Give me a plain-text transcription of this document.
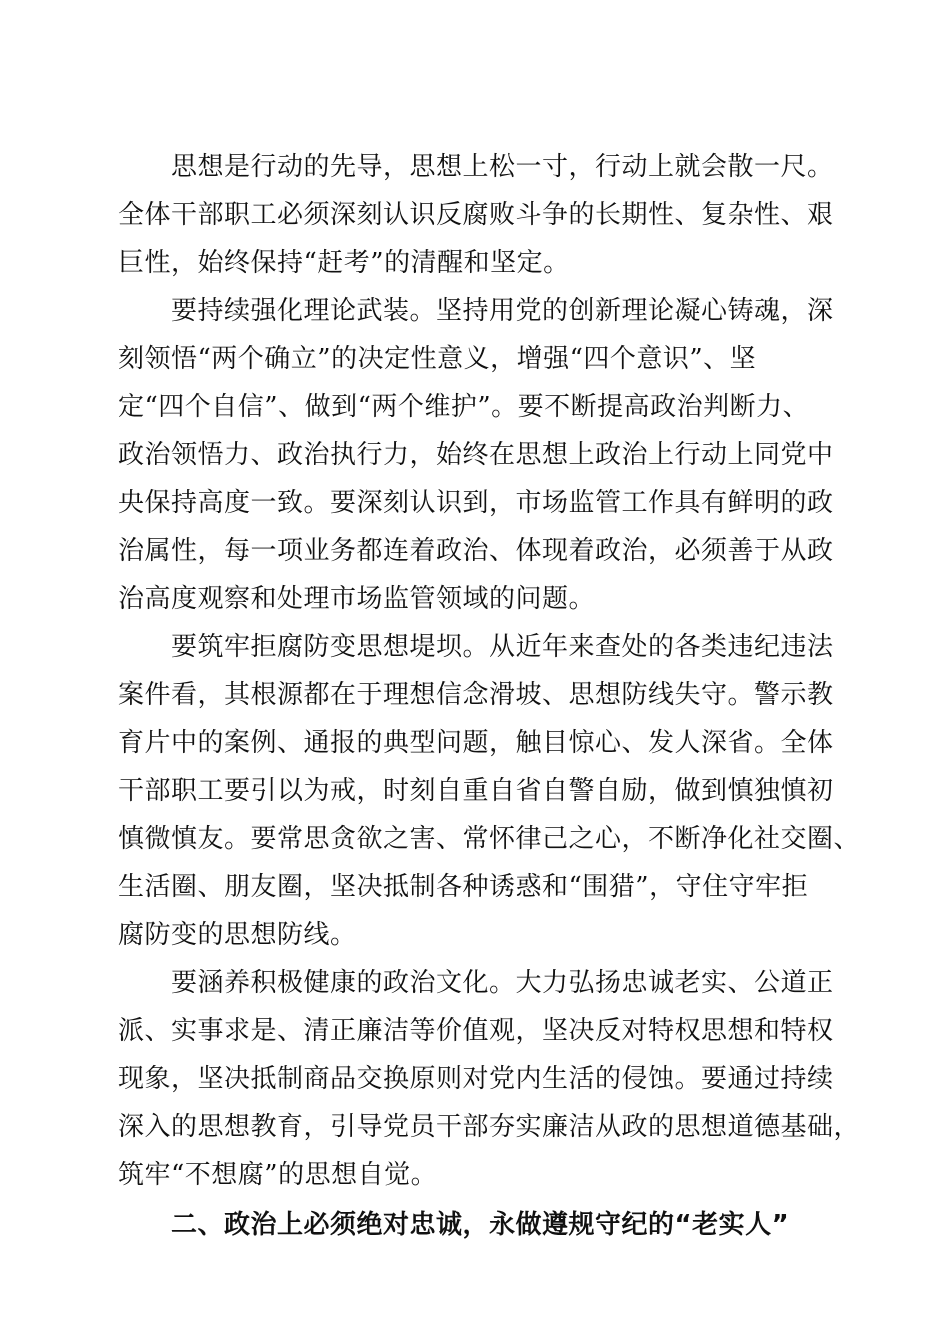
思想是行动的先导，思想上松一寸，行动上就会散一尺。
全体干部职工必须深刻认识反腐败斗争的长期性、复杂性、艰
巨性，始终保持“赶考”的清醒和坚定。
要持续强化理论武装。坚持用党的创新理论凝心铸魂，深
刻领悟“两个确立”的决定性意义，增强“四个意识”、坚
定“四个自信”、做到“两个维护”。要不断提高政治判断力、
政治领悟力、政治执行力，始终在思想上政治上行动上同党中
央保持高度一致。要深刻认识到，市场监管工作具有鲜明的政
治属性，每一项业务都连着政治、体现着政治，必须善于从政
治高度观察和处理市场监管领域的问题。
要筑牢拒腐防变思想堤坝。从近年来查处的各类违纪违法
案件看，其根源都在于理想信念滑坡、思想防线失守。警示教
育片中的案例、通报的典型问题，触目惊心、发人深省。全体
干部职工要引以为戒，时刻自重自省自警自励，做到慎独慎初
慎微慎友。要常思贪欲之害、常怀律己之心，不断净化社交圈、
生活圈、朋友圈，坚决抵制各种诱惑和“围猎”，守住守牢拒
腐防变的思想防线。
要涵养积极健康的政治文化。大力弘扬忠诚老实、公道正
派、实事求是、清正廉洁等价值观，坚决反对特权思想和特权
现象，坚决抵制商品交换原则对党内生活的侵蚀。要通过持续
深入的思想教育，引导党员干部夯实廉洁从政的思想道德基础，
筑牢“不想腐”的思想自觉。
二、政治上必须绝对忠诚，永做遵规守纪的“老实人”
